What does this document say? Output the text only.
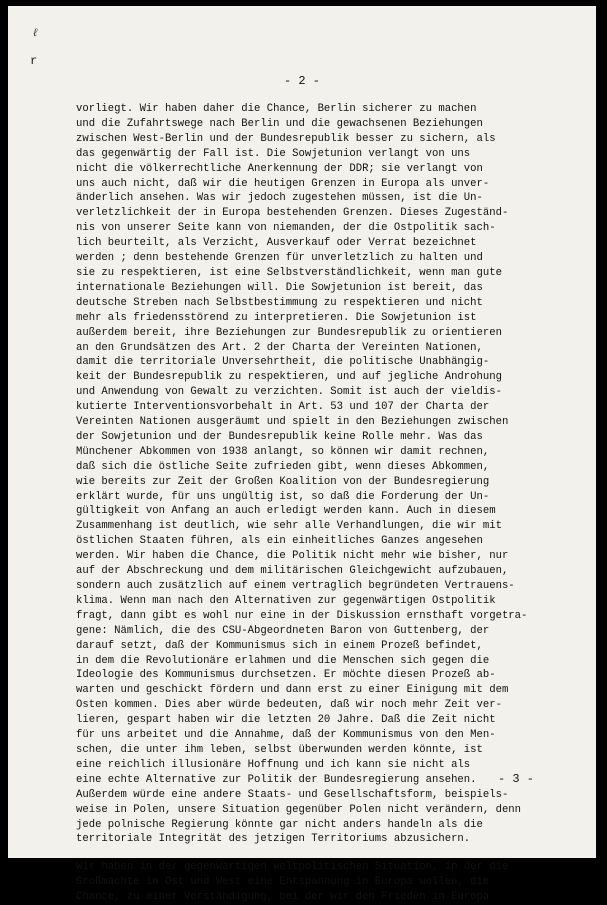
ℓ
r
- 2 -
vorliegt. Wir haben daher die Chance, Berlin sicherer zu machen
und die Zufahrtswege nach Berlin und die gewachsenen Beziehungen
zwischen West-Berlin und der Bundesrepublik besser zu sichern, als
das gegenwärtig der Fall ist. Die Sowjetunion verlangt von uns
nicht die völkerrechtliche Anerkennung der DDR; sie verlangt von
uns auch nicht, daß wir die heutigen Grenzen in Europa als unver-
änderlich ansehen. Was wir jedoch zugestehen müssen, ist die Un-
verletzlichkeit der in Europa bestehenden Grenzen. Dieses Zugeständ-
nis von unserer Seite kann von niemanden, der die Ostpolitik sach-
lich beurteilt, als Verzicht, Ausverkauf oder Verrat bezeichnet
werden ; denn bestehende Grenzen für unverletzlich zu halten und
sie zu respektieren, ist eine Selbstverständlichkeit, wenn man gute
internationale Beziehungen will. Die Sowjetunion ist bereit, das
deutsche Streben nach Selbstbestimmung zu respektieren und nicht
mehr als friedensstörend zu interpretieren. Die Sowjetunion ist
außerdem bereit, ihre Beziehungen zur Bundesrepublik zu orientieren
an den Grundsätzen des Art. 2 der Charta der Vereinten Nationen,
damit die territoriale Unversehrtheit, die politische Unabhängig-
keit der Bundesrepublik zu respektieren, und auf jegliche Androhung
und Anwendung von Gewalt zu verzichten. Somit ist auch der vieldis-
kutierte Interventionsvorbehalt in Art. 53 und 107 der Charta der
Vereinten Nationen ausgeräumt und spielt in den Beziehungen zwischen
der Sowjetunion und der Bundesrepublik keine Rolle mehr. Was das
Münchener Abkommen von 1938 anlangt, so können wir damit rechnen,
daß sich die östliche Seite zufrieden gibt, wenn dieses Abkommen,
wie bereits zur Zeit der Großen Koalition von der Bundesregierung
erklärt wurde, für uns ungültig ist, so daß die Forderung der Un-
gültigkeit von Anfang an auch erledigt werden kann. Auch in diesem
Zusammenhang ist deutlich, wie sehr alle Verhandlungen, die wir mit
östlichen Staaten führen, als ein einheitliches Ganzes angesehen
werden. Wir haben die Chance, die Politik nicht mehr wie bisher, nur
auf der Abschreckung und dem militärischen Gleichgewicht aufzubauen,
sondern auch zusätzlich auf einem vertraglich begründeten Vertrauens-
klima. Wenn man nach den Alternativen zur gegenwärtigen Ostpolitik
fragt, dann gibt es wohl nur eine in der Diskussion ernsthaft vorgetra-
gene: Nämlich, die des CSU-Abgeordneten Baron von Guttenberg, der
darauf setzt, daß der Kommunismus sich in einem Prozeß befindet,
in dem die Revolutionäre erlahmen und die Menschen sich gegen die
Ideologie des Kommunismus durchsetzen. Er möchte diesen Prozeß ab-
warten und geschickt fördern und dann erst zu einer Einigung mit dem
Osten kommen. Dies aber würde bedeuten, daß wir noch mehr Zeit ver-
lieren, gespart haben wir die letzten 20 Jahre. Daß die Zeit nicht
für uns arbeitet und die Annahme, daß der Kommunismus von den Men-
schen, die unter ihm leben, selbst überwunden werden könnte, ist
eine reichlich illusionäre Hoffnung und ich kann sie nicht als
eine echte Alternative zur Politik der Bundesregierung ansehen.
Außerdem würde eine andere Staats- und Gesellschaftsform, beispiels-
weise in Polen, unsere Situation gegenüber Polen nicht verändern, denn
jede polnische Regierung könnte gar nicht anders handeln als die
territoriale Integrität des jetzigen Territoriums abzusichern.
Wir haben in der gegenwärtigen weltpolitischen Situation, in der die
Großmächte in Ost und West eine Entspannung in Europa wollen, die
Chance, zu einer Verständigung, bei der wir den Frieden in Europa
- 3 -
